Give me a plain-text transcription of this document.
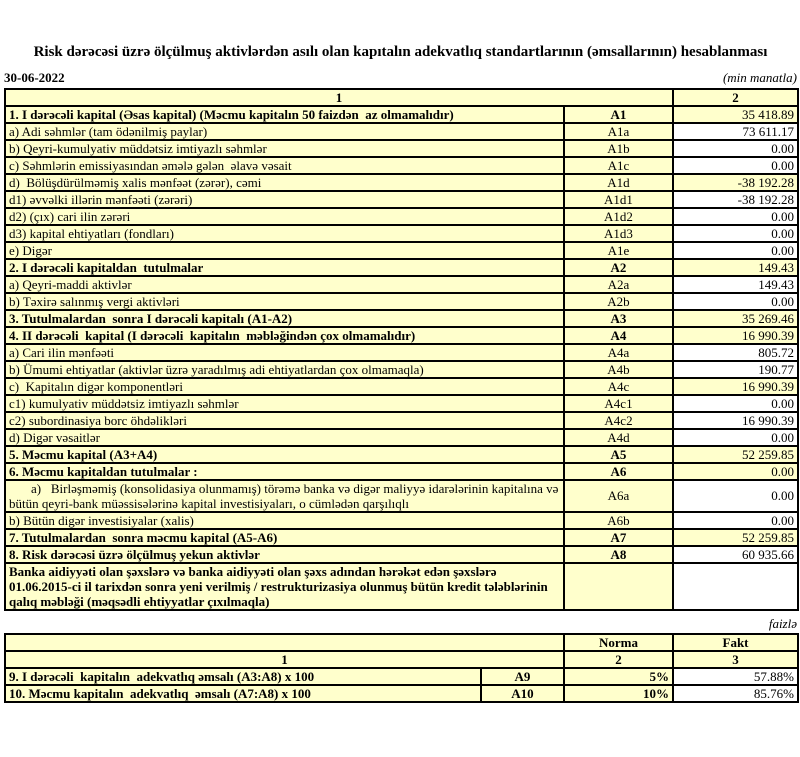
Risk dərəcəsi üzrə ölçülmuş aktivlərdən asılı olan kapıtalın adekvatlıq standartlarının (əmsallarının) hesablanması
30-06-2022	(min manatla)
1		2
1. I dərəcəli kapital (Əsas kapital) (Məcmu kapitalın 50 faizdən  az olmamalıdır)	A1	35 418.89
a) Adi səhmlər (tam ödənilmiş paylar)	A1a	73 611.17
b) Qeyri-kumulyativ müddətsiz imtiyazlı səhmlər	A1b	0.00
c) Səhmlərin emissiyasından əmələ gələn  əlavə vəsait	A1c	0.00
d)  Bölüşdürülməmiş xalis mənfəət (zərər), cəmi	A1d	-38 192.28
d1) əvvəlki illərin mənfəəti (zərəri)	A1d1	-38 192.28
d2) (çıx) cari ilin zərəri	A1d2	0.00
d3) kapital ehtiyatları (fondları)	A1d3	0.00
e) Digər	A1e	0.00
2. I dərəcəli kapitaldan  tutulmalar	A2	149.43
a) Qeyri-maddi aktivlər	A2a	149.43
b) Təxirə salınmış vergi aktivləri	A2b	0.00
3. Tutulmalardan  sonra I dərəcəli kapitalı (A1-A2)	A3	35 269.46
4. II dərəcəli  kapital (I dərəcəli  kapitalın  məbləğindən çox olmamalıdır)	A4	16 990.39
a) Cari ilin mənfəəti	A4a	805.72
b) Ümumi ehtiyatlar (aktivlər üzrə yaradılmış adi ehtiyatlardan çox olmamaqla)	A4b	190.77
c)  Kapitalın digər komponentləri	A4c	16 990.39
c1) kumulyativ müddətsiz imtiyazlı səhmlər	A4c1	0.00
c2) subordinasiya borc öhdəlikləri	A4c2	16 990.39
d) Digər vəsaitlər	A4d	0.00
5. Məcmu kapital (A3+A4)	A5	52 259.85
6. Məcmu kapitaldan tutulmalar :	A6	0.00
a)   Birləşməmiş (konsolidasiya olunmamış) törəmə banka və digər maliyyə idarələrinin kapitalına və bütün qeyri-bank müəssisələrinə kapital investisiyaları, o cümlədən qarşılıqlı	A6a	0.00
b) Bütün digər investisiyalar (xalis)	A6b	0.00
7. Tutulmalardan  sonra məcmu kapital (A5-A6)	A7	52 259.85
8. Risk dərəcəsi üzrə ölçülmuş yekun aktivlər	A8	60 935.66
Banka aidiyyəti olan şəxslərə və banka aidiyyəti olan şəxs adından hərəkət edən şəxslərə 01.06.2015-ci il tarixdən sonra yeni verilmiş / restrukturizasiya olunmuş bütün kredit tələblərinin qalıq məbləği (məqsədli ehtiyyatlar çıxılmaqla)		
faizlə
		Norma	Fakt
1		2	3
9. I dərəcəli  kapitalın  adekvatlıq əmsalı (A3:A8) x 100	A9	5%	57.88%
10. Məcmu kapitalın  adekvatlıq  əmsalı (A7:A8) x 100	A10	10%	85.76%
